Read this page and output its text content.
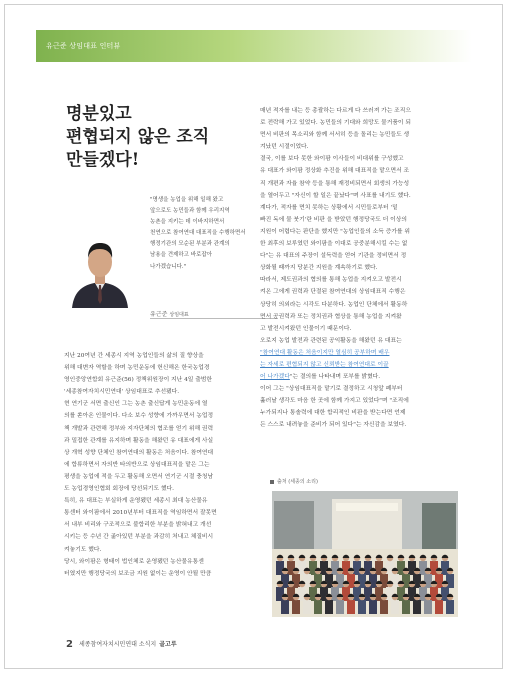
유근준 상임대표 인터뷰
명분있고
편협되지 않은 조직
만들겠다!
"명생을 농업을 위해 일해 왔고
앞으로도 농민들과 함께 우리지역
농촌을 지키는 데 이바지하면서
천연으로 참여연대 대표직을 수행하면서
행정기관의 모순된 부분과 관계의
남용을 견제하고 바로잡아
나가겠습니다."
유근준 상임대표

지난 20여년 간 세종시 지역 농업인들의 삶의 질 향상을

위해 대변자 역할을 하며 농민운동에 헌신해온 한국농업경

영인중앙연합회 유근준(56) 정책위원장이 지난 4일 출범한

'세종참여자치시민연대' 상임대표로 추선됐다.

현 연기군 서면 출신인 그는 농촌 출신답게 농민운동에 열

의를 쏟아온 인물이다. 다소 보수 성향에 가까우면서 농업정

책 개발과 관련해 정부와 지자단체의 협조를 얻기 위해 권력

과 밀접한 관계를 유지하며 활동을 해왔던 유 대표에게 사실

상 개혁 성향 단체인 참여연대의 활동은 처음이다. 참여연대

에 합류하면서 자의반 타의반으로 상임대표직을 맡은 그는

평생을 농업에 적을 두고 활동해 오면서 연기군 시절 충청남

도 농업경영인협회 회장에 당선되기도 했다.

특히, 유 대표는 부실하게 운영됐던 세종시 최대 농산물유

통센터 와이팜에서 2010년부터 대표직을 역임하면서 잘못면

서 내부 비리와 구조적으로 불합리한 부분을 밝혀내고 개선

시키는 등 수년 간 곪아있던 부분을 과감히 처내고 체질비시

켜놓기도 했다.

당시, 와이팜은 형태이 법인체로 운영됐던 농산물유통센

터였지만 행정당국의 보조금 지원 없이는 운영이 안될 만큼

매년 적자를 내는 등 총괄하는 다르게 다 쓰러져 가는 조직으

로 전락해 가고 있었다. 농민들의 기대와 희망도 물거품이 되

면서 비판의 목소리와 함께 서서히 등을 돌리는 농민들도 생

겨났던 시절이었다.

결국, 이를 보다 못한 와이팜 이사들이 비대위를 구성했고

유 대표가 와이팜 정상화 추진을 위해 대표직을 맡으면서 조

직 개편과 자율 참약 등을 통해 재정비되면서 회생의 가능성

을 열어두고 "자신이 할 일은 끝났다"며 사표를 내기도 했다.

계다가, 적자를 면치 못하는 상황에서 시민들로부터 '밑

빠진 독에 물 붓기'란 비판 을 받았던 행정당국도 더 이상의

지원이 어렵다는 판단을 했지만 "농업인들의 소득 증가를 위

한 최후의 보루였던 와이팜을 이대로 공중분해시킬 수는 없

다"는 유 대표의 주장이 설득력을 얻어 기관을 정비면서 정

상화될 때까지 당분간 지원을 계속하기로 했다.

따라서, 제도권과의 협의를 통해 농업을 지켜오고 발전시

켜온 그에게 권력과 단절된 참여연대의 상임대표직 수행은

상당히 의외라는 시각도 다분하다. 농업인 단체에서 활동하

면서 공권력과 또는 정치권과 협상을 통해 농업을 지켜왔

고 발전시켜왔던 인물이기 때문이다.

오로지 농업 발전과 관련된 공익활동을 해왔던 유 대표는

"참여연대 활동은 처음이지만 열심히 공부하며 배우

는 자세로 편협되지 않고 신뢰받는 참여연대로 이끌

어 나가겠다"는 결의를 나타내며 포부를 밝혔다.

이어 그는 "상임대표직을 맡기로 결정하고 시청앞 폐부터

훑러날 생각도 마음 한 곳에 함께 가지고 있었다"며 "조직에

누가되지나 통솔력에 대한 합리적인 비판을 받는다면 언제

든 스스로 내려놓을 준비가 되어 있다"는 자신감을 보였다.

출처 (세종의 소리)
2 세종참여자치시민연대 소식지 골고루
